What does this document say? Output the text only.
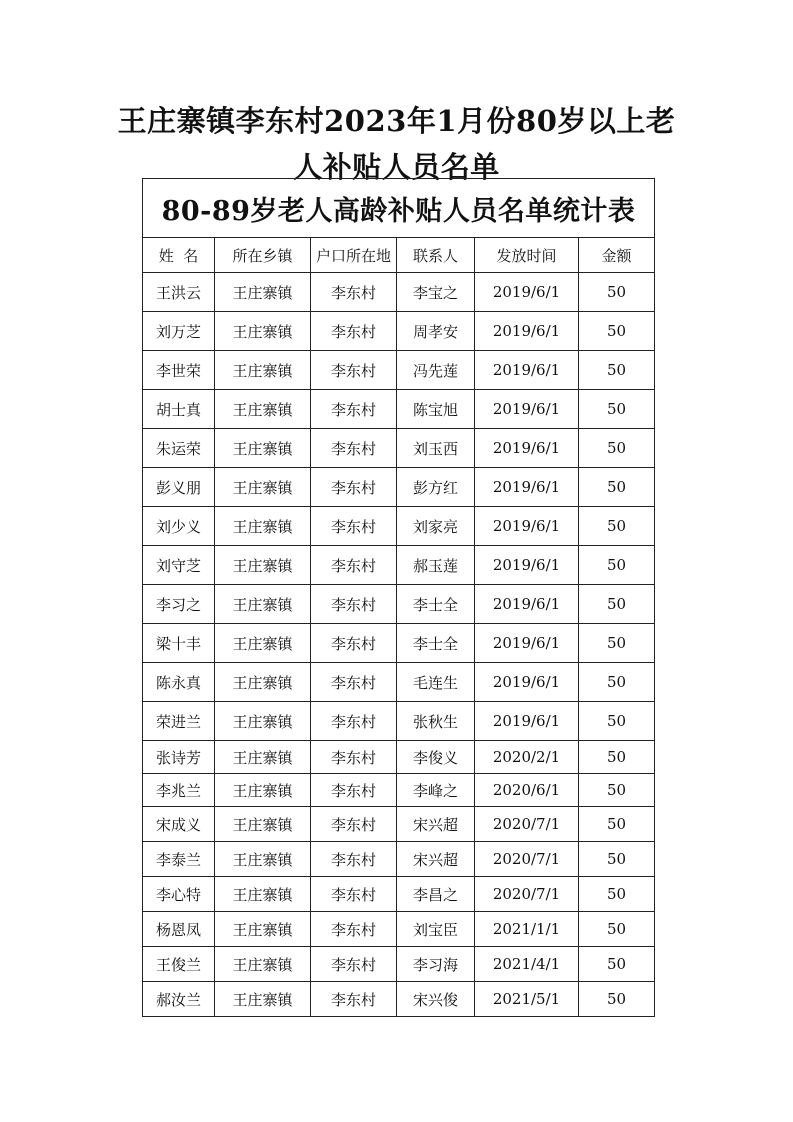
王庄寨镇李东村2023年1月份80岁以上老
人补贴人员名单
80-89岁老人高龄补贴人员名单统计表					
姓  名	所在乡镇	户口所在地	联系人	发放时间	金额
王洪云	王庄寨镇	李东村	李宝之	2019/6/1	50
刘万芝	王庄寨镇	李东村	周孝安	2019/6/1	50
李世荣	王庄寨镇	李东村	冯先莲	2019/6/1	50
胡士真	王庄寨镇	李东村	陈宝旭	2019/6/1	50
朱运荣	王庄寨镇	李东村	刘玉西	2019/6/1	50
彭义朋	王庄寨镇	李东村	彭方红	2019/6/1	50
刘少义	王庄寨镇	李东村	刘家亮	2019/6/1	50
刘守芝	王庄寨镇	李东村	郝玉莲	2019/6/1	50
李习之	王庄寨镇	李东村	李士全	2019/6/1	50
梁十丰	王庄寨镇	李东村	李士全	2019/6/1	50
陈永真	王庄寨镇	李东村	毛连生	2019/6/1	50
荣进兰	王庄寨镇	李东村	张秋生	2019/6/1	50
张诗芳	王庄寨镇	李东村	李俊义	2020/2/1	50
李兆兰	王庄寨镇	李东村	李峰之	2020/6/1	50
宋成义	王庄寨镇	李东村	宋兴超	2020/7/1	50
李泰兰	王庄寨镇	李东村	宋兴超	2020/7/1	50
李心特	王庄寨镇	李东村	李昌之	2020/7/1	50
杨恩凤	王庄寨镇	李东村	刘宝臣	2021/1/1	50
王俊兰	王庄寨镇	李东村	李习海	2021/4/1	50
郝汝兰	王庄寨镇	李东村	宋兴俊	2021/5/1	50
